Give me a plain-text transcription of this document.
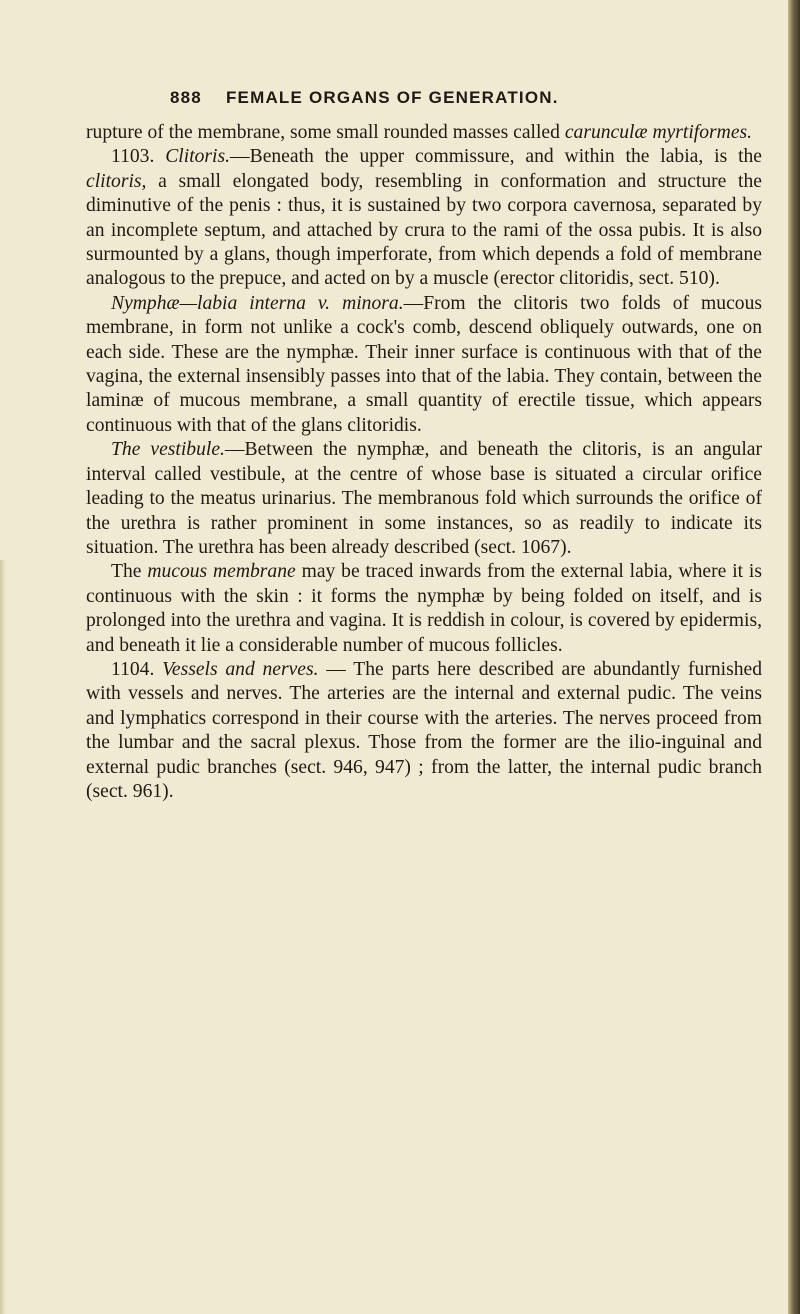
888 FEMALE ORGANS OF GENERATION.

rupture of the membrane, some small rounded masses called carunculæ myrtiformes.

1103. Clitoris.—Beneath the upper commissure, and within the labia, is the clitoris, a small elongated body, resembling in conformation and structure the diminutive of the penis : thus, it is sustained by two corpora cavernosa, separated by an incomplete septum, and attached by crura to the rami of the ossa pubis. It is also surmounted by a glans, though imperforate, from which depends a fold of membrane analogous to the prepuce, and acted on by a muscle (erector clitoridis, sect. 510).

Nymphæ—labia interna v. minora.—From the clitoris two folds of mucous membrane, in form not unlike a cock's comb, descend obliquely outwards, one on each side. These are the nymphæ. Their inner surface is continuous with that of the vagina, the external insensibly passes into that of the labia. They contain, between the laminæ of mucous membrane, a small quantity of erectile tissue, which appears continuous with that of the glans clitoridis.

The vestibule.—Between the nymphæ, and beneath the clitoris, is an angular interval called vestibule, at the centre of whose base is situated a circular orifice leading to the meatus urinarius. The membranous fold which surrounds the orifice of the urethra is rather prominent in some instances, so as readily to indicate its situation. The urethra has been already described (sect. 1067).

The mucous membrane may be traced inwards from the external labia, where it is continuous with the skin : it forms the nymphæ by being folded on itself, and is prolonged into the urethra and vagina. It is reddish in colour, is covered by epidermis, and beneath it lie a considerable number of mucous follicles.

1104. Vessels and nerves. — The parts here described are abundantly furnished with vessels and nerves. The arteries are the internal and external pudic. The veins and lymphatics correspond in their course with the arteries. The nerves proceed from the lumbar and the sacral plexus. Those from the former are the ilio-inguinal and external pudic branches (sect. 946, 947) ; from the latter, the internal pudic branch (sect. 961).
